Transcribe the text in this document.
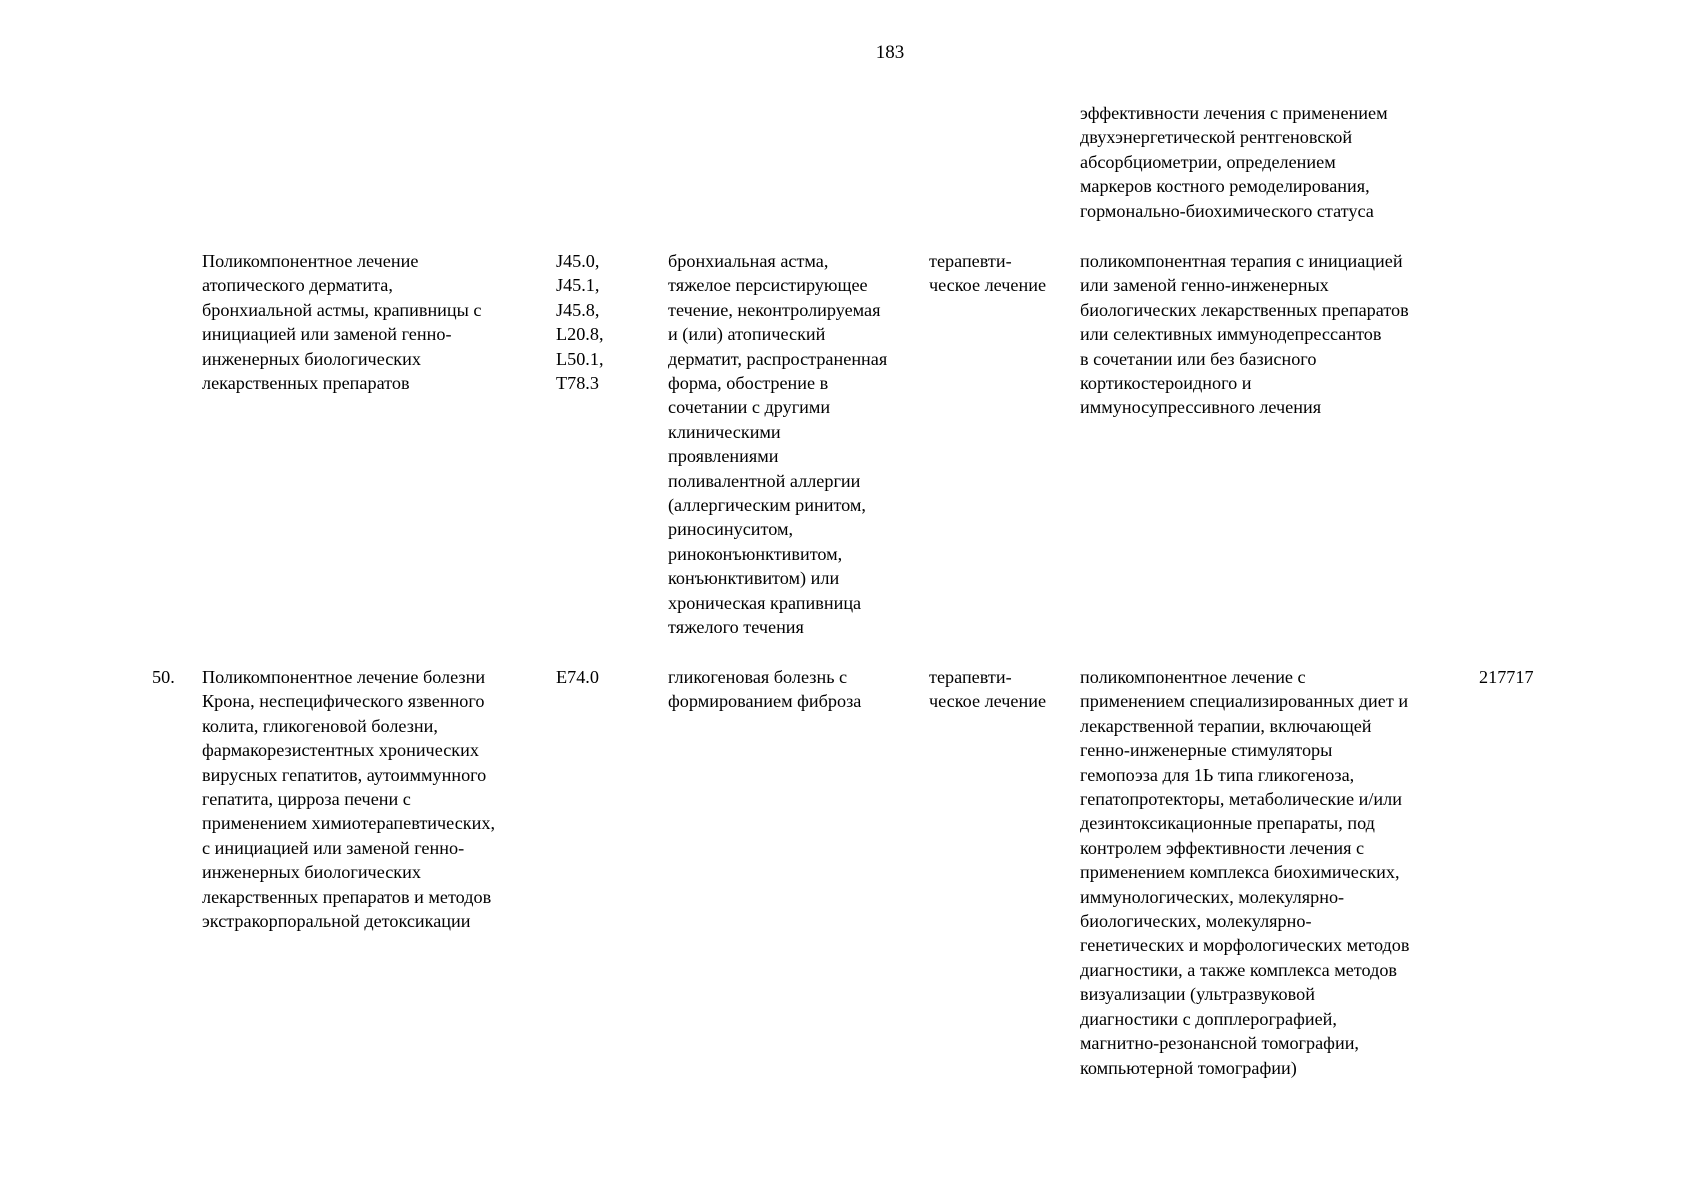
183
эффективности лечения с применением
двухэнергетической рентгеновской
абсорбциометрии, определением
маркеров костного ремоделирования,
гормонально-биохимического статуса
Поликомпонентное лечение
атопического дерматита,
бронхиальной астмы, крапивницы с
инициацией или заменой генно-
инженерных биологических
лекарственных препаратов
J45.0,
J45.1,
J45.8,
L20.8,
L50.1,
T78.3
бронхиальная астма,
тяжелое персистирующее
течение, неконтролируемая
и (или) атопический
дерматит, распространенная
форма, обострение в
сочетании с другими
клиническими
проявлениями
поливалентной аллергии
(аллергическим ринитом,
риносинуситом,
риноконъюнктивитом,
конъюнктивитом) или
хроническая крапивница
тяжелого течения
терапевти-
ческое лечение
поликомпонентная терапия с инициацией
или заменой генно-инженерных
биологических лекарственных препаратов
или селективных иммунодепрессантов
в сочетании или без базисного
кортикостероидного и
иммуносупрессивного лечения
50.	Поликомпонентное лечение болезни
Крона, неспецифического язвенного
колита, гликогеновой болезни,
фармакорезистентных хронических
вирусных гепатитов, аутоиммунного
гепатита, цирроза печени с
применением химиотерапевтических,
с инициацией или заменой генно-
инженерных биологических
лекарственных препаратов и методов
экстракорпоральной детоксикации
E74.0	гликогеновая болезнь с
формированием фиброза
терапевти-
ческое лечение
поликомпонентное лечение с
применением специализированных диет и
лекарственной терапии, включающей
генно-инженерные стимуляторы
гемопоэза для 1Ь типа гликогеноза,
гепатопротекторы, метаболические и/или
дезинтоксикационные препараты, под
контролем эффективности лечения с
применением комплекса биохимических,
иммунологических, молекулярно-
биологических, молекулярно-
генетических и морфологических методов
диагностики, а также комплекса методов
визуализации (ультразвуковой
диагностики с допплерографией,
магнитно-резонансной томографии,
компьютерной томографии)
217717
